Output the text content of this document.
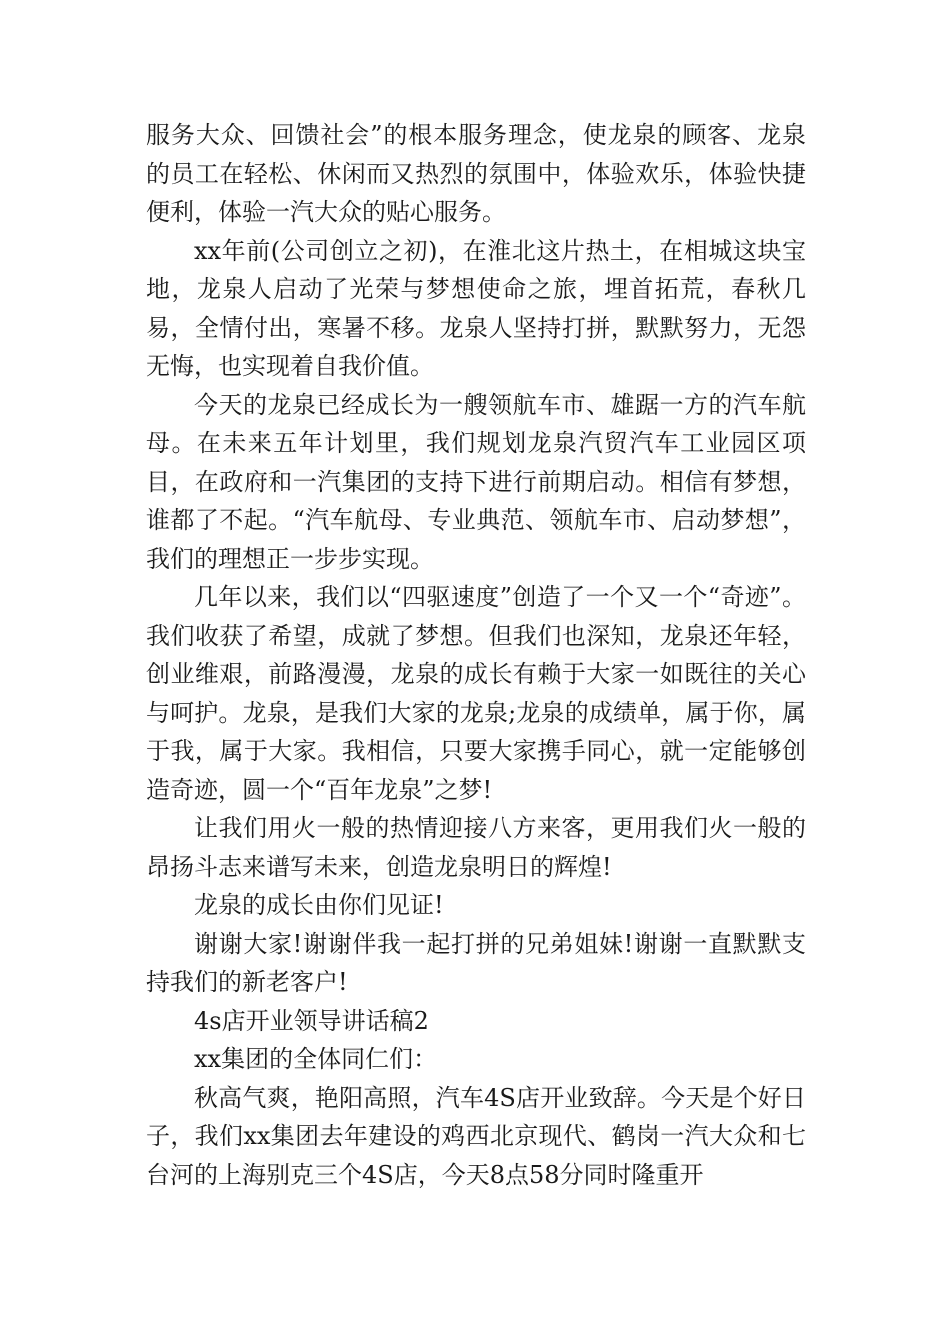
服务大众、回馈社会”的根本服务理念，使龙泉的顾客、龙泉的员工在轻松、休闲而又热烈的氛围中，体验欢乐，体验快捷便利，体验一汽大众的贴心服务。

xx年前(公司创立之初)，在淮北这片热土，在相城这块宝地，龙泉人启动了光荣与梦想使命之旅，埋首拓荒，春秋几易，全情付出，寒暑不移。龙泉人坚持打拼，默默努力，无怨无悔，也实现着自我价值。

今天的龙泉已经成长为一艘领航车市、雄踞一方的汽车航母。在未来五年计划里，我们规划龙泉汽贸汽车工业园区项目，在政府和一汽集团的支持下进行前期启动。相信有梦想，谁都了不起。“汽车航母、专业典范、领航车市、启动梦想”，我们的理想正一步步实现。

几年以来，我们以“四驱速度”创造了一个又一个“奇迹”。我们收获了希望，成就了梦想。但我们也深知，龙泉还年轻，创业维艰，前路漫漫，龙泉的成长有赖于大家一如既往的关心与呵护。龙泉，是我们大家的龙泉;龙泉的成绩单，属于你，属于我，属于大家。我相信，只要大家携手同心，就一定能够创造奇迹，圆一个“百年龙泉”之梦!

让我们用火一般的热情迎接八方来客，更用我们火一般的昂扬斗志来谱写未来，创造龙泉明日的辉煌!

龙泉的成长由你们见证!

谢谢大家!谢谢伴我一起打拼的兄弟姐妹!谢谢一直默默支持我们的新老客户!

4s店开业领导讲话稿2

xx集团的全体同仁们：

秋高气爽，艳阳高照，汽车4S店开业致辞。今天是个好日子，我们xx集团去年建设的鸡西北京现代、鹤岗一汽大众和七台河的上海别克三个4S店，今天8点58分同时隆重开
